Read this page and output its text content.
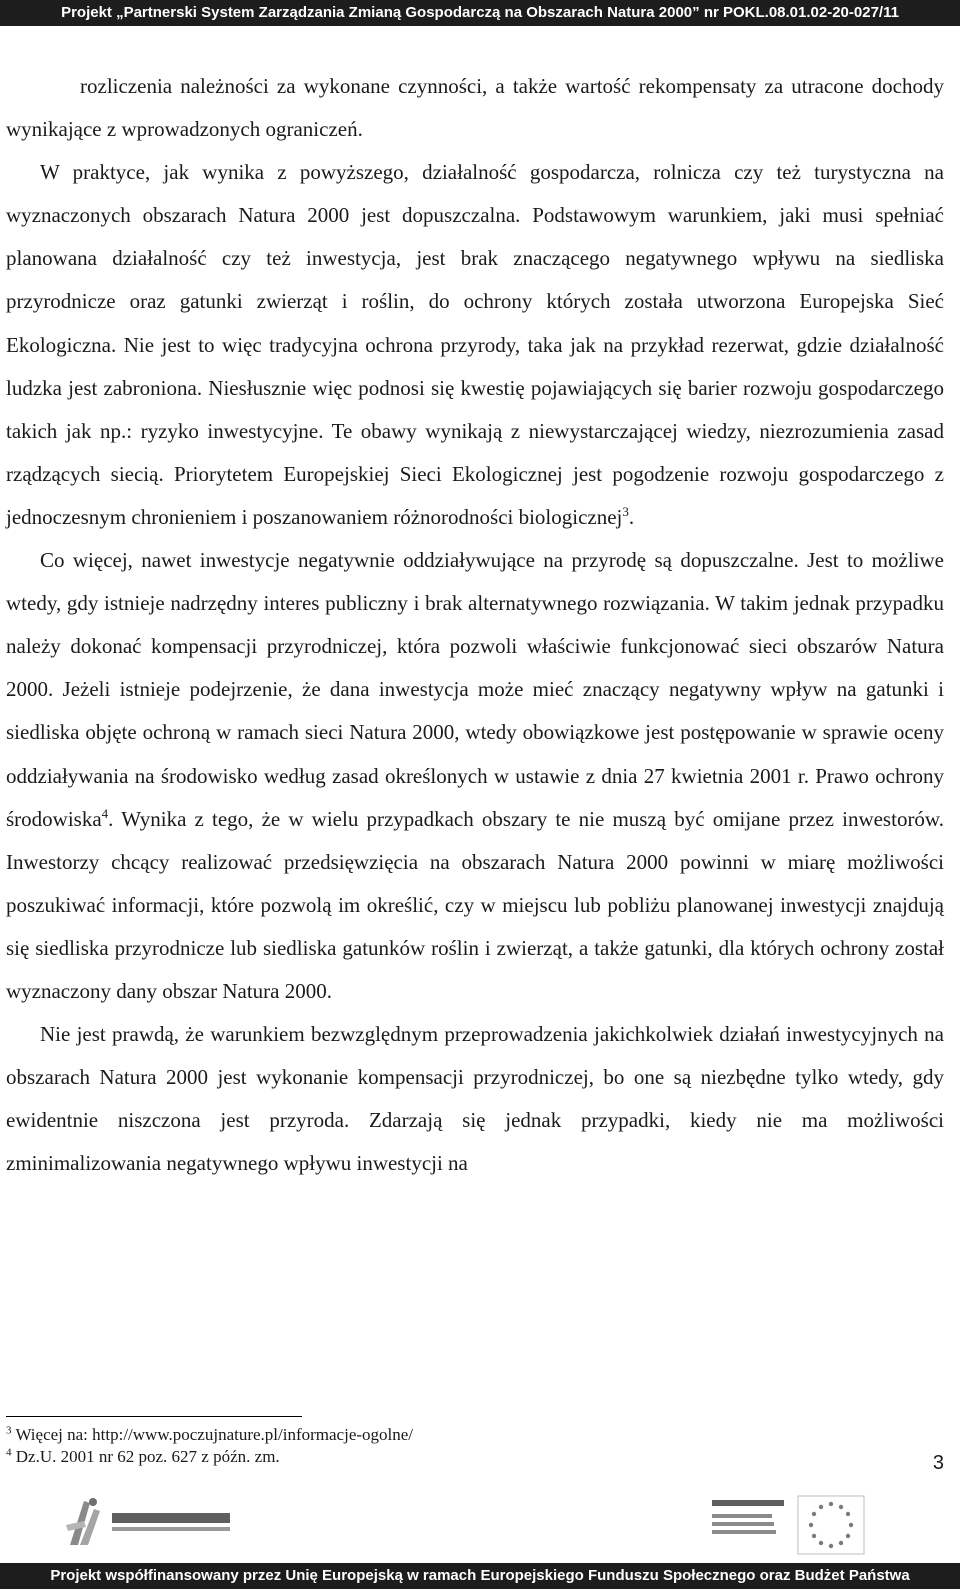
Projekt „Partnerski System Zarządzania Zmianą Gospodarczą na Obszarach Natura 2000” nr POKL.08.01.02-20-027/11

rozliczenia należności za wykonane czynności, a także wartość rekompensaty za utracone dochody wynikające z wprowadzonych ograniczeń.

W praktyce, jak wynika z powyższego, działalność gospodarcza, rolnicza czy też turystyczna na wyznaczonych obszarach Natura 2000 jest dopuszczalna. Podstawowym warunkiem, jaki musi spełniać planowana działalność czy też inwestycja, jest brak znaczącego negatywnego wpływu na siedliska przyrodnicze oraz gatunki zwierząt i roślin, do ochrony których została utworzona Europejska Sieć Ekologiczna. Nie jest to więc tradycyjna ochrona przyrody, taka jak na przykład rezerwat, gdzie działalność ludzka jest zabroniona. Niesłusznie więc podnosi się kwestię pojawiających się barier rozwoju gospodarczego takich jak np.: ryzyko inwestycyjne. Te obawy wynikają z niewystarczającej wiedzy, niezrozumienia zasad rządzących siecią. Priorytetem Europejskiej Sieci Ekologicznej jest pogodzenie rozwoju gospodarczego z jednoczesnym chronieniem i poszanowaniem różnorodności biologicznej$^3$.

Co więcej, nawet inwestycje negatywnie oddziaływujące na przyrodę są dopuszczalne. Jest to możliwe wtedy, gdy istnieje nadrzędny interes publiczny i brak alternatywnego rozwiązania. W takim jednak przypadku należy dokonać kompensacji przyrodniczej, która pozwoli właściwie funkcjonować sieci obszarów Natura 2000. Jeżeli istnieje podejrzenie, że dana inwestycja może mieć znaczący negatywny wpływ na gatunki i siedliska objęte ochroną w ramach sieci Natura 2000, wtedy obowiązkowe jest postępowanie w sprawie oceny oddziaływania na środowisko według zasad określonych w ustawie z dnia 27 kwietnia 2001 r. Prawo ochrony środowiska$^4$. Wynika z tego, że w wielu przypadkach obszary te nie muszą być omijane przez inwestorów. Inwestorzy chcący realizować przedsięwzięcia na obszarach Natura 2000 powinni w miarę możliwości poszukiwać informacji, które pozwolą im określić, czy w miejscu lub pobliżu planowanej inwestycji znajdują się siedliska przyrodnicze lub siedliska gatunków roślin i zwierząt, a także gatunki, dla których ochrony został wyznaczony dany obszar Natura 2000.

Nie jest prawdą, że warunkiem bezwzględnym przeprowadzenia jakichkolwiek działań inwestycyjnych na obszarach Natura 2000 jest wykonanie kompensacji przyrodniczej, bo one są niezbędne tylko wtedy, gdy ewidentnie niszczona jest przyroda. Zdarzają się jednak przypadki, kiedy nie ma możliwości zminimalizowania negatywnego wpływu inwestycji na

$^3$ Więcej na: http://www.poczujnature.pl/informacje-ogolne/
$^4$ Dz.U. 2001 nr 62 poz. 627 z późn. zm.	3
Projekt współfinansowany przez Unię Europejską w ramach Europejskiego Funduszu Społecznego oraz Budżet Państwa
